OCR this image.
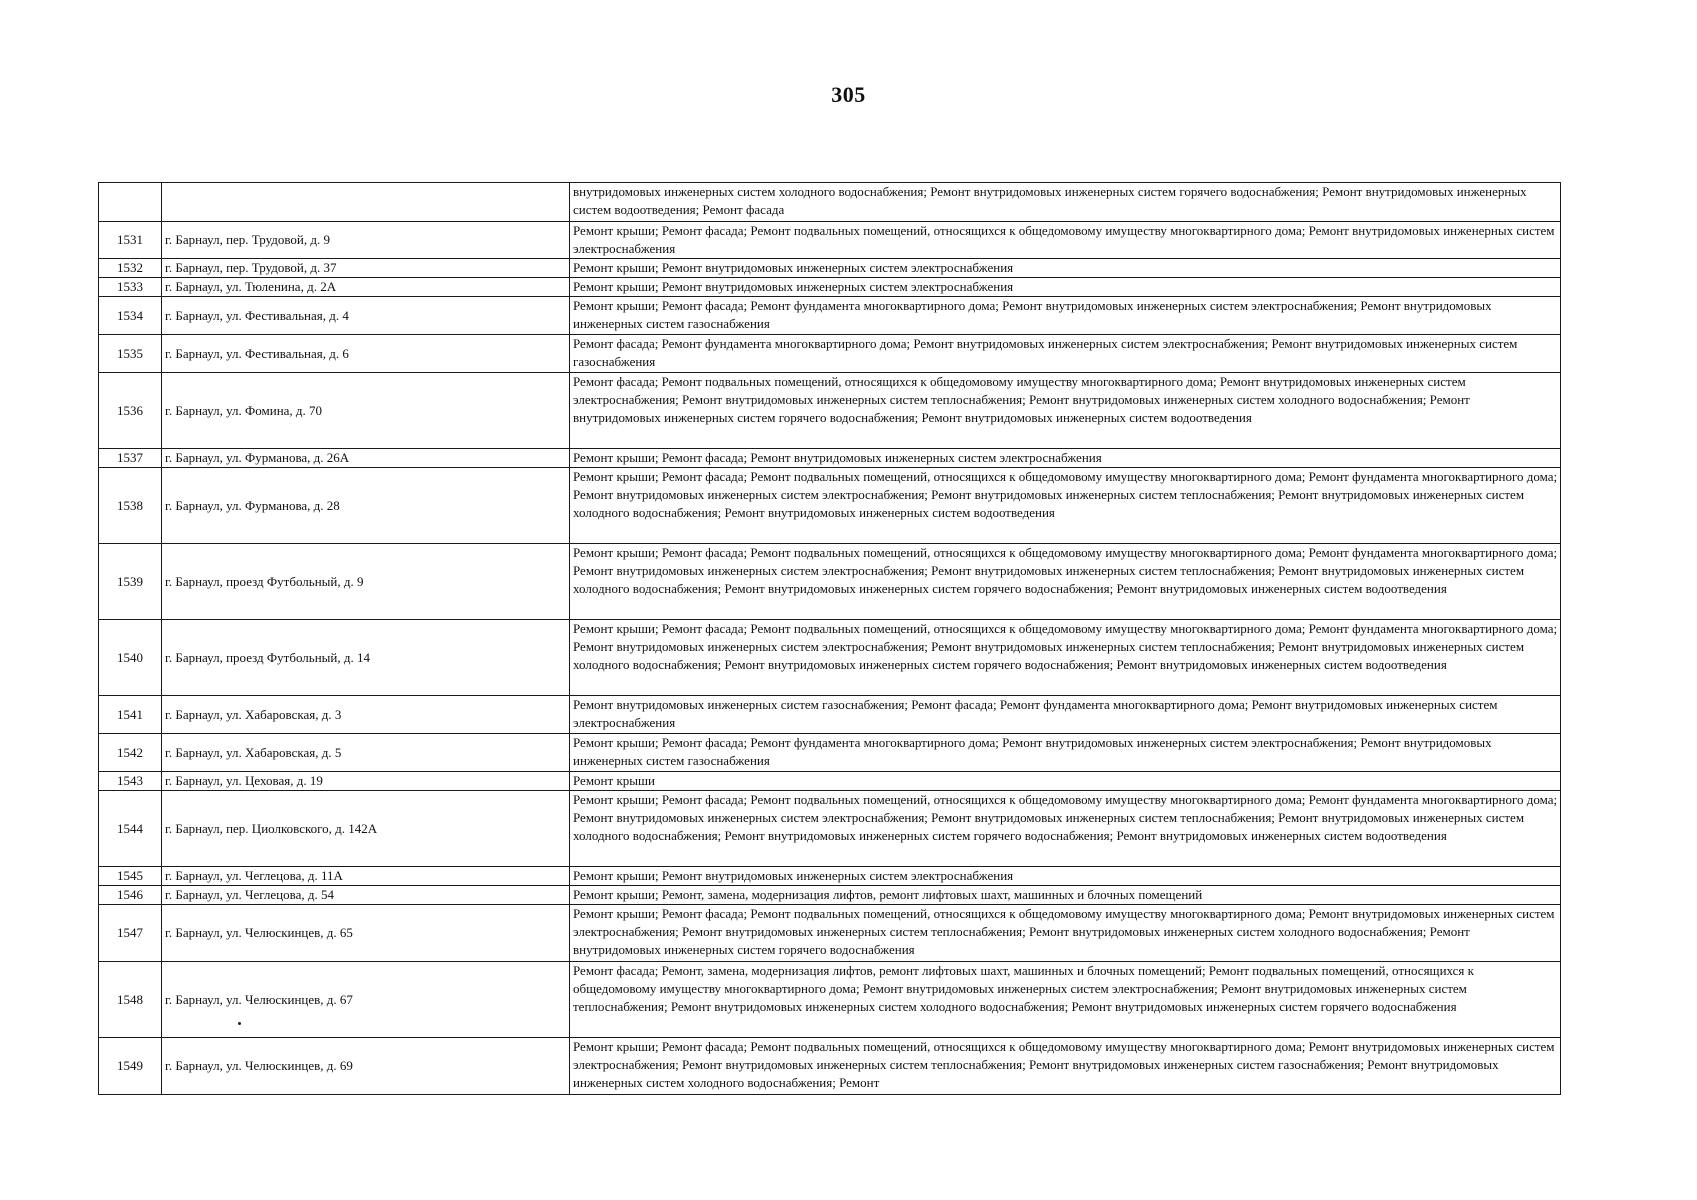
305
		внутридомовых инженерных систем холодного водоснабжения; Ремонт внутридомовых инженерных систем горячего водоснабжения; Ремонт внутридомовых инженерных систем водоотведения; Ремонт фасада
1531	г. Барнаул, пер. Трудовой, д. 9	Ремонт крыши; Ремонт фасада; Ремонт подвальных помещений, относящихся к общедомовому имуществу многоквартирного дома; Ремонт внутридомовых инженерных систем электроснабжения
1532	г. Барнаул, пер. Трудовой, д. 37	Ремонт крыши; Ремонт внутридомовых инженерных систем электроснабжения
1533	г. Барнаул, ул. Тюленина, д. 2А	Ремонт крыши; Ремонт внутридомовых инженерных систем электроснабжения
1534	г. Барнаул, ул. Фестивальная, д. 4	Ремонт крыши; Ремонт фасада; Ремонт фундамента многоквартирного дома; Ремонт внутридомовых инженерных систем электроснабжения; Ремонт внутридомовых инженерных систем газоснабжения
1535	г. Барнаул, ул. Фестивальная, д. 6	Ремонт фасада; Ремонт фундамента многоквартирного дома; Ремонт внутридомовых инженерных систем электроснабжения; Ремонт внутридомовых инженерных систем газоснабжения
1536	г. Барнаул, ул. Фомина, д. 70	Ремонт фасада; Ремонт подвальных помещений, относящихся к общедомовому имуществу многоквартирного дома; Ремонт внутридомовых инженерных систем электроснабжения; Ремонт внутридомовых инженерных систем теплоснабжения; Ремонт внутридомовых инженерных систем холодного водоснабжения; Ремонт внутридомовых инженерных систем горячего водоснабжения; Ремонт внутридомовых инженерных систем водоотведения
1537	г. Барнаул, ул. Фурманова, д. 26А	Ремонт крыши; Ремонт фасада; Ремонт внутридомовых инженерных систем электроснабжения
1538	г. Барнаул, ул. Фурманова, д. 28	Ремонт крыши; Ремонт фасада; Ремонт подвальных помещений, относящихся к общедомовому имуществу многоквартирного дома; Ремонт фундамента многоквартирного дома; Ремонт внутридомовых инженерных систем электроснабжения; Ремонт внутридомовых инженерных систем теплоснабжения; Ремонт внутридомовых инженерных систем холодного водоснабжения; Ремонт внутридомовых инженерных систем водоотведения
1539	г. Барнаул, проезд Футбольный, д. 9	Ремонт крыши; Ремонт фасада; Ремонт подвальных помещений, относящихся к общедомовому имуществу многоквартирного дома; Ремонт фундамента многоквартирного дома; Ремонт внутридомовых инженерных систем электроснабжения; Ремонт внутридомовых инженерных систем теплоснабжения; Ремонт внутридомовых инженерных систем холодного водоснабжения; Ремонт внутридомовых инженерных систем горячего водоснабжения; Ремонт внутридомовых инженерных систем водоотведения
1540	г. Барнаул, проезд Футбольный, д. 14	Ремонт крыши; Ремонт фасада; Ремонт подвальных помещений, относящихся к общедомовому имуществу многоквартирного дома; Ремонт фундамента многоквартирного дома; Ремонт внутридомовых инженерных систем электроснабжения; Ремонт внутридомовых инженерных систем теплоснабжения; Ремонт внутридомовых инженерных систем холодного водоснабжения; Ремонт внутридомовых инженерных систем горячего водоснабжения; Ремонт внутридомовых инженерных систем водоотведения
1541	г. Барнаул, ул. Хабаровская, д. 3	Ремонт внутридомовых инженерных систем газоснабжения; Ремонт фасада; Ремонт фундамента многоквартирного дома; Ремонт внутридомовых инженерных систем электроснабжения
1542	г. Барнаул, ул. Хабаровская, д. 5	Ремонт крыши; Ремонт фасада; Ремонт фундамента многоквартирного дома; Ремонт внутридомовых инженерных систем электроснабжения; Ремонт внутридомовых инженерных систем газоснабжения
1543	г. Барнаул, ул. Цеховая, д. 19	Ремонт крыши
1544	г. Барнаул, пер. Циолковского, д. 142А	Ремонт крыши; Ремонт фасада; Ремонт подвальных помещений, относящихся к общедомовому имуществу многоквартирного дома; Ремонт фундамента многоквартирного дома; Ремонт внутридомовых инженерных систем электроснабжения; Ремонт внутридомовых инженерных систем теплоснабжения; Ремонт внутридомовых инженерных систем холодного водоснабжения; Ремонт внутридомовых инженерных систем горячего водоснабжения; Ремонт внутридомовых инженерных систем водоотведения
1545	г. Барнаул, ул. Чеглецова, д. 11А	Ремонт крыши; Ремонт внутридомовых инженерных систем электроснабжения
1546	г. Барнаул, ул. Чеглецова, д. 54	Ремонт крыши; Ремонт, замена, модернизация лифтов, ремонт лифтовых шахт, машинных и блочных помещений
1547	г. Барнаул, ул. Челюскинцев, д. 65	Ремонт крыши; Ремонт фасада; Ремонт подвальных помещений, относящихся к общедомовому имуществу многоквартирного дома; Ремонт внутридомовых инженерных систем электроснабжения; Ремонт внутридомовых инженерных систем теплоснабжения; Ремонт внутридомовых инженерных систем холодного водоснабжения; Ремонт внутридомовых инженерных систем горячего водоснабжения
1548	г. Барнаул, ул. Челюскинцев, д. 67	Ремонт фасада; Ремонт, замена, модернизация лифтов, ремонт лифтовых шахт, машинных и блочных помещений; Ремонт подвальных помещений, относящихся к общедомовому имуществу многоквартирного дома; Ремонт внутридомовых инженерных систем электроснабжения; Ремонт внутридомовых инженерных систем теплоснабжения; Ремонт внутридомовых инженерных систем холодного водоснабжения; Ремонт внутридомовых инженерных систем горячего водоснабжения
1549	г. Барнаул, ул. Челюскинцев, д. 69	Ремонт крыши; Ремонт фасада; Ремонт подвальных помещений, относящихся к общедомовому имуществу многоквартирного дома; Ремонт внутридомовых инженерных систем электроснабжения; Ремонт внутридомовых инженерных систем теплоснабжения; Ремонт внутридомовых инженерных систем газоснабжения; Ремонт внутридомовых инженерных систем холодного водоснабжения; Ремонт
